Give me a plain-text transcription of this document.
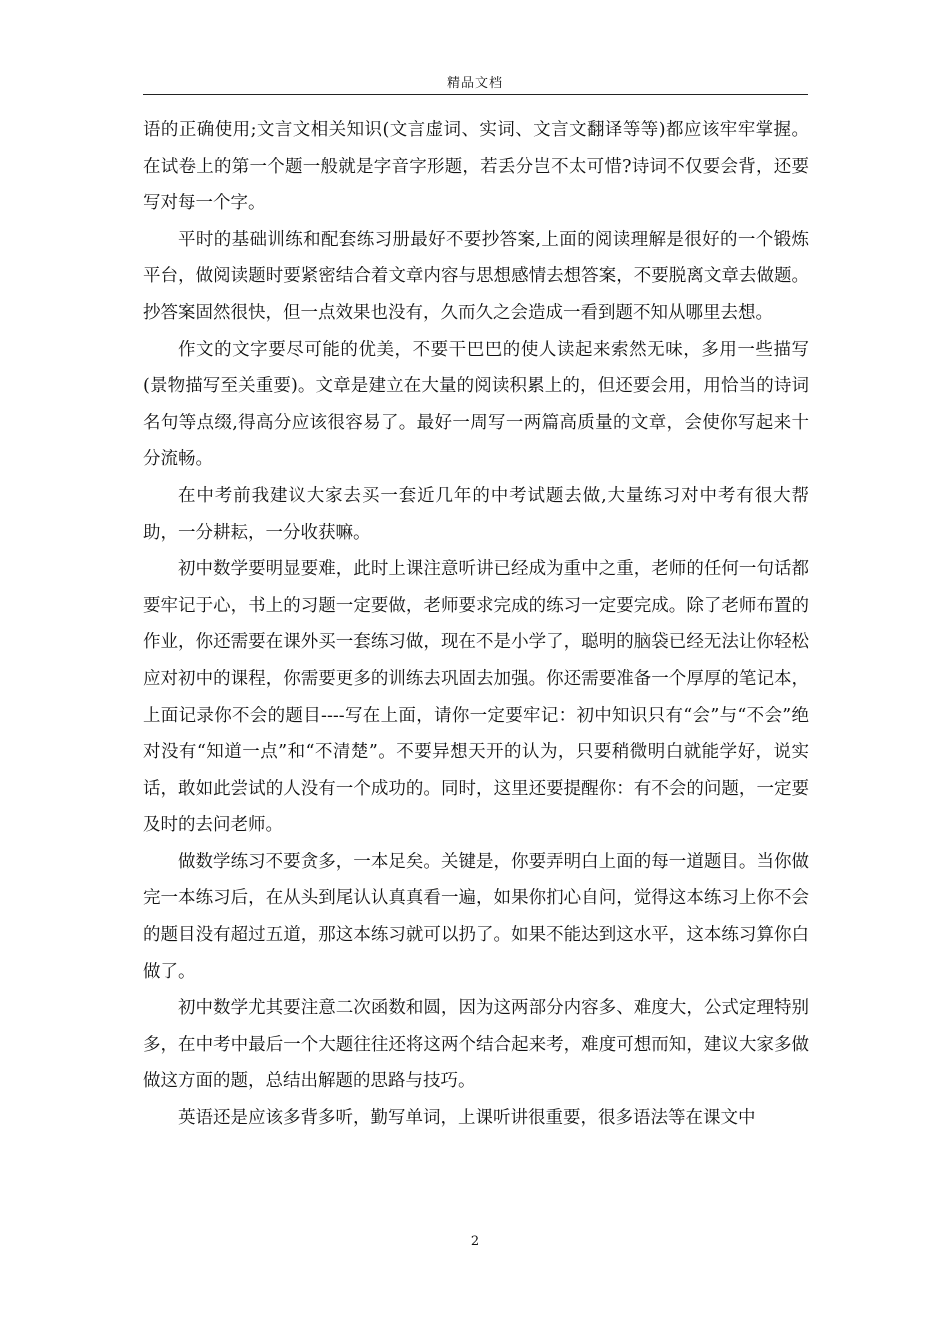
精品文档

语的正确使用;文言文相关知识(文言虚词、实词、文言文翻译等等)都应该牢牢掌握。在试卷上的第一个题一般就是字音字形题，若丢分岂不太可惜?诗词不仅要会背，还要写对每一个字。

平时的基础训练和配套练习册最好不要抄答案,上面的阅读理解是很好的一个锻炼平台，做阅读题时要紧密结合着文章内容与思想感情去想答案，不要脱离文章去做题。抄答案固然很快，但一点效果也没有，久而久之会造成一看到题不知从哪里去想。

作文的文字要尽可能的优美，不要干巴巴的使人读起来索然无味，多用一些描写(景物描写至关重要)。文章是建立在大量的阅读积累上的，但还要会用，用恰当的诗词名句等点缀,得高分应该很容易了。最好一周写一两篇高质量的文章，会使你写起来十分流畅。

在中考前我建议大家去买一套近几年的中考试题去做,大量练习对中考有很大帮助，一分耕耘，一分收获嘛。

初中数学要明显要难，此时上课注意听讲已经成为重中之重，老师的任何一句话都要牢记于心，书上的习题一定要做，老师要求完成的练习一定要完成。除了老师布置的作业，你还需要在课外买一套练习做，现在不是小学了，聪明的脑袋已经无法让你轻松应对初中的课程，你需要更多的训练去巩固去加强。你还需要准备一个厚厚的笔记本，上面记录你不会的题目----写在上面，请你一定要牢记：初中知识只有“会”与“不会”绝对没有“知道一点”和“不清楚”。不要异想天开的认为，只要稍微明白就能学好，说实话，敢如此尝试的人没有一个成功的。同时，这里还要提醒你：有不会的问题，一定要及时的去问老师。

做数学练习不要贪多，一本足矣。关键是，你要弄明白上面的每一道题目。当你做完一本练习后，在从头到尾认认真真看一遍，如果你扪心自问，觉得这本练习上你不会的题目没有超过五道，那这本练习就可以扔了。如果不能达到这水平，这本练习算你白做了。

初中数学尤其要注意二次函数和圆，因为这两部分内容多、难度大，公式定理特别多，在中考中最后一个大题往往还将这两个结合起来考，难度可想而知，建议大家多做做这方面的题，总结出解题的思路与技巧。

英语还是应该多背多听，勤写单词，上课听讲很重要，很多语法等在课文中

2
